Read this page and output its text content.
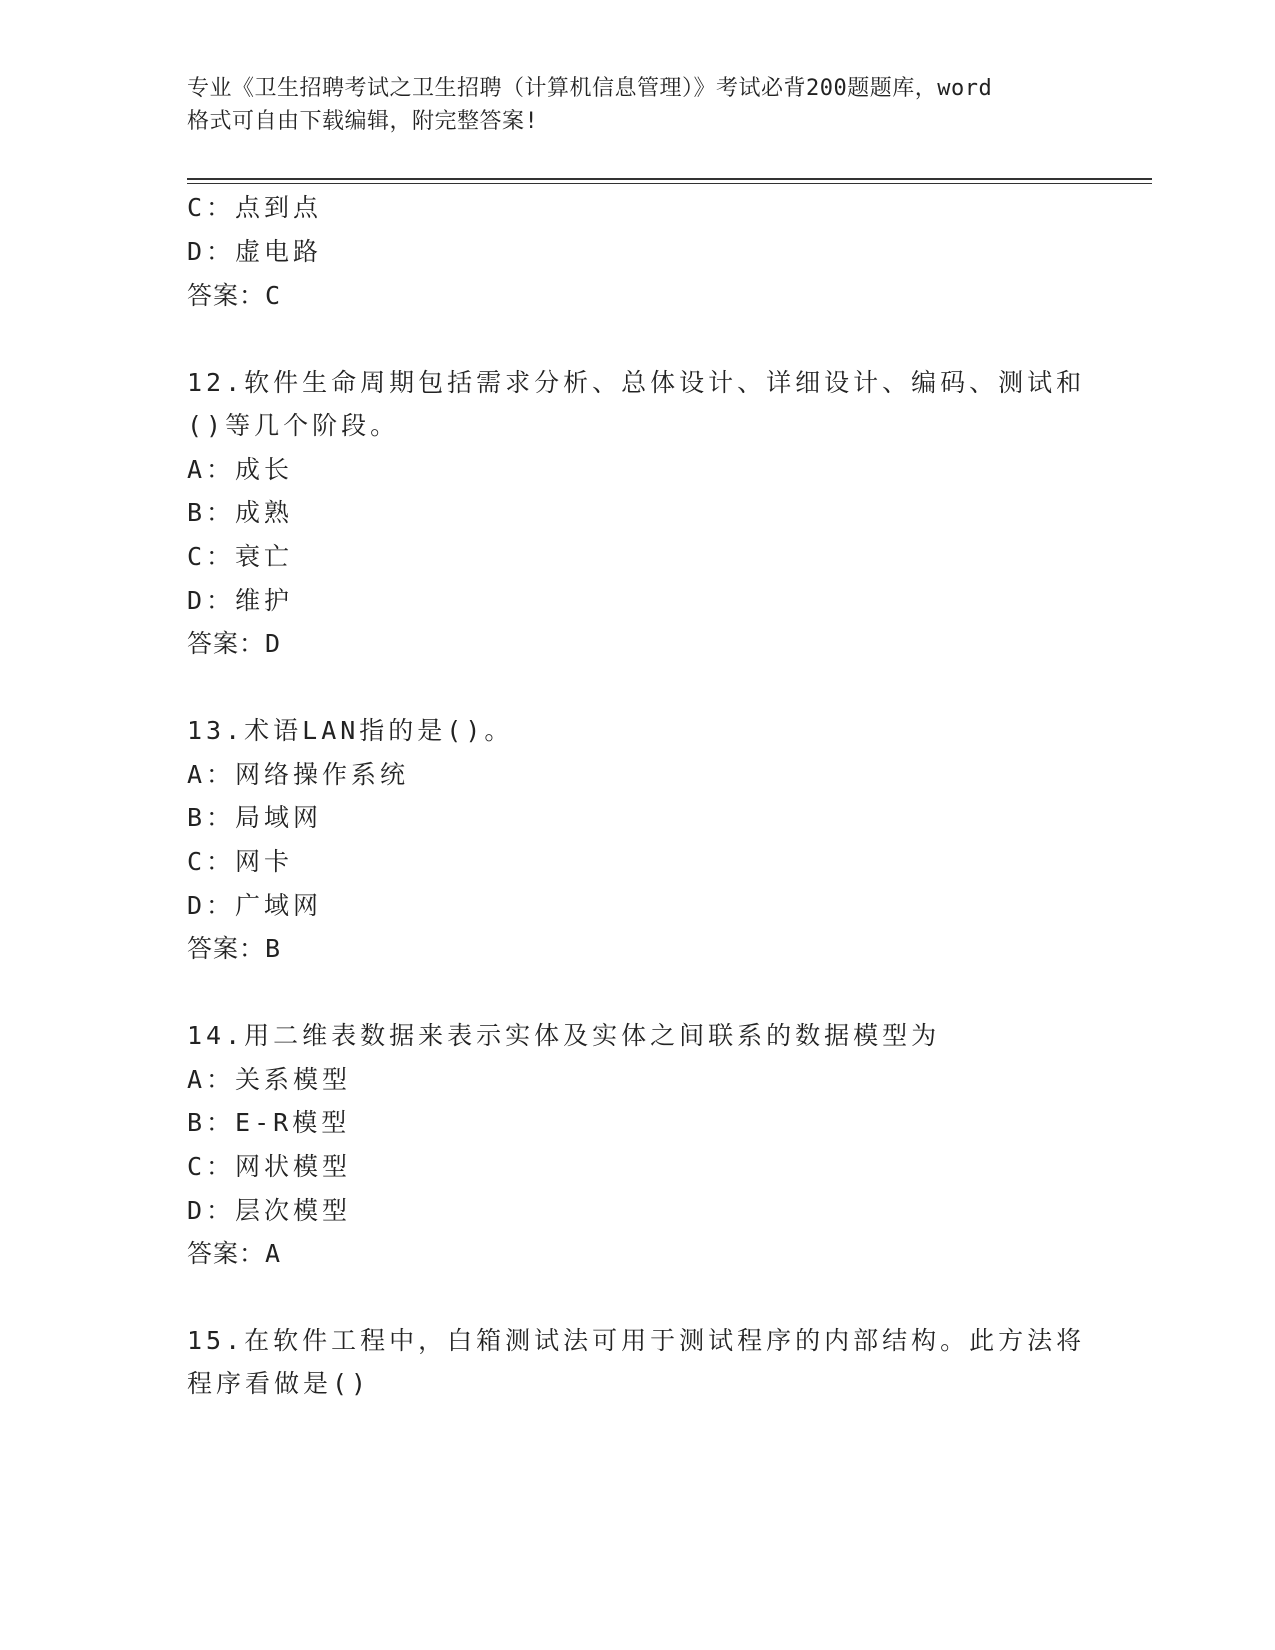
专业《卫生招聘考试之卫生招聘（计算机信息管理）》考试必背200题题库，word
格式可自由下载编辑，附完整答案!
C：点到点
D：虚电路
答案：C
12.软件生命周期包括需求分析、总体设计、详细设计、编码、测试和
()等几个阶段。
A：成长
B：成熟
C：衰亡
D：维护
答案：D
13.术语LAN指的是()。
A：网络操作系统
B：局域网
C：网卡
D：广域网
答案：B
14.用二维表数据来表示实体及实体之间联系的数据模型为
A：关系模型
B：E-R模型
C：网状模型
D：层次模型
答案：A
15.在软件工程中，白箱测试法可用于测试程序的内部结构。此方法将
程序看做是()
